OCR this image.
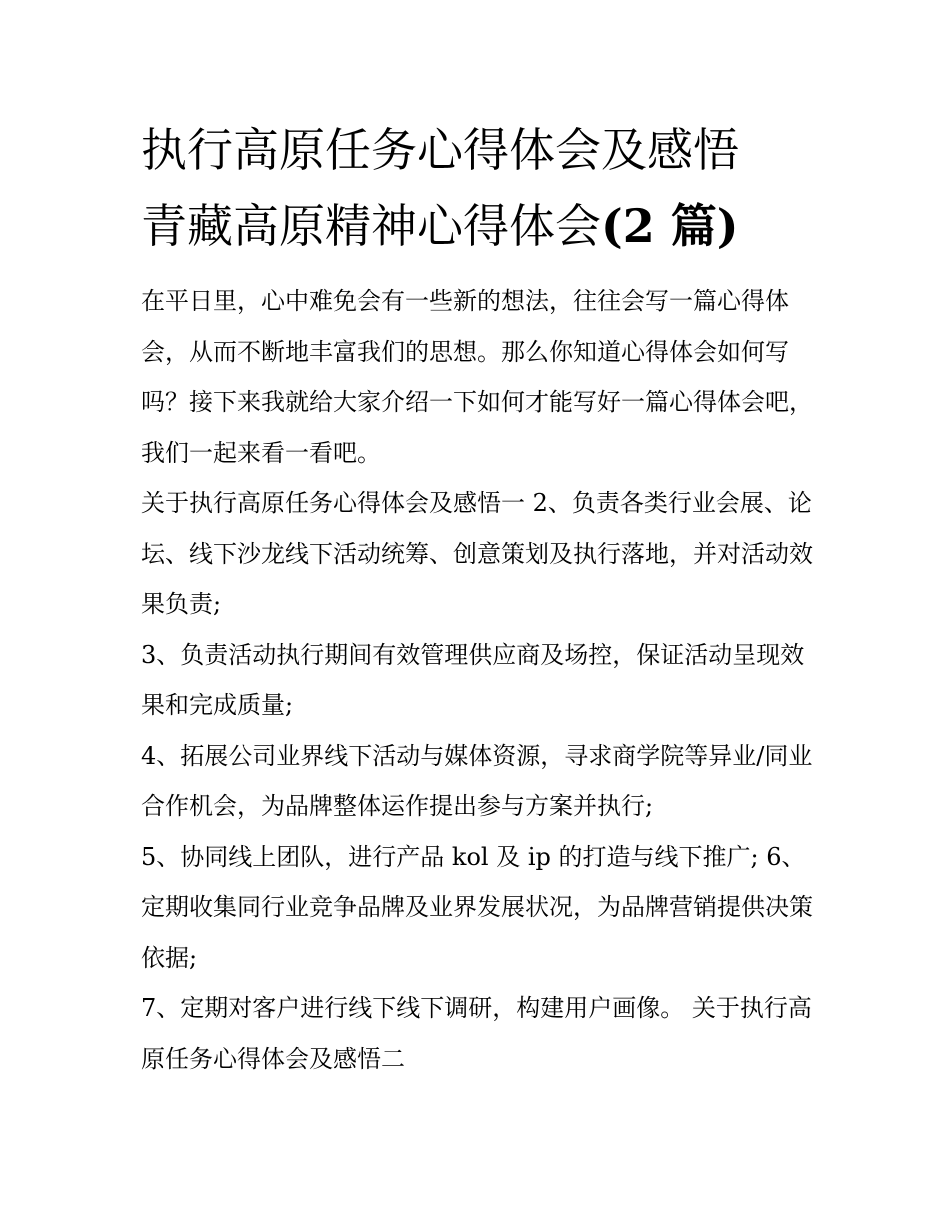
执行高原任务心得体会及感悟
青藏高原精神心得体会(2 篇)

在平日里，心中难免会有一些新的想法，往往会写一篇心得体会，从而不断地丰富我们的思想。那么你知道心得体会如何写吗？接下来我就给大家介绍一下如何才能写好一篇心得体会吧，我们一起来看一看吧。

关于执行高原任务心得体会及感悟一 2、负责各类行业会展、论坛、线下沙龙线下活动统筹、创意策划及执行落地，并对活动效果负责;

3、负责活动执行期间有效管理供应商及场控，保证活动呈现效果和完成质量;

4、拓展公司业界线下活动与媒体资源，寻求商学院等异业/同业合作机会，为品牌整体运作提出参与方案并执行;

5、协同线上团队，进行产品 kol 及 ip 的打造与线下推广; 6、定期收集同行业竞争品牌及业界发展状况，为品牌营销提供决策依据;

7、定期对客户进行线下线下调研，构建用户画像。 关于执行高原任务心得体会及感悟二
